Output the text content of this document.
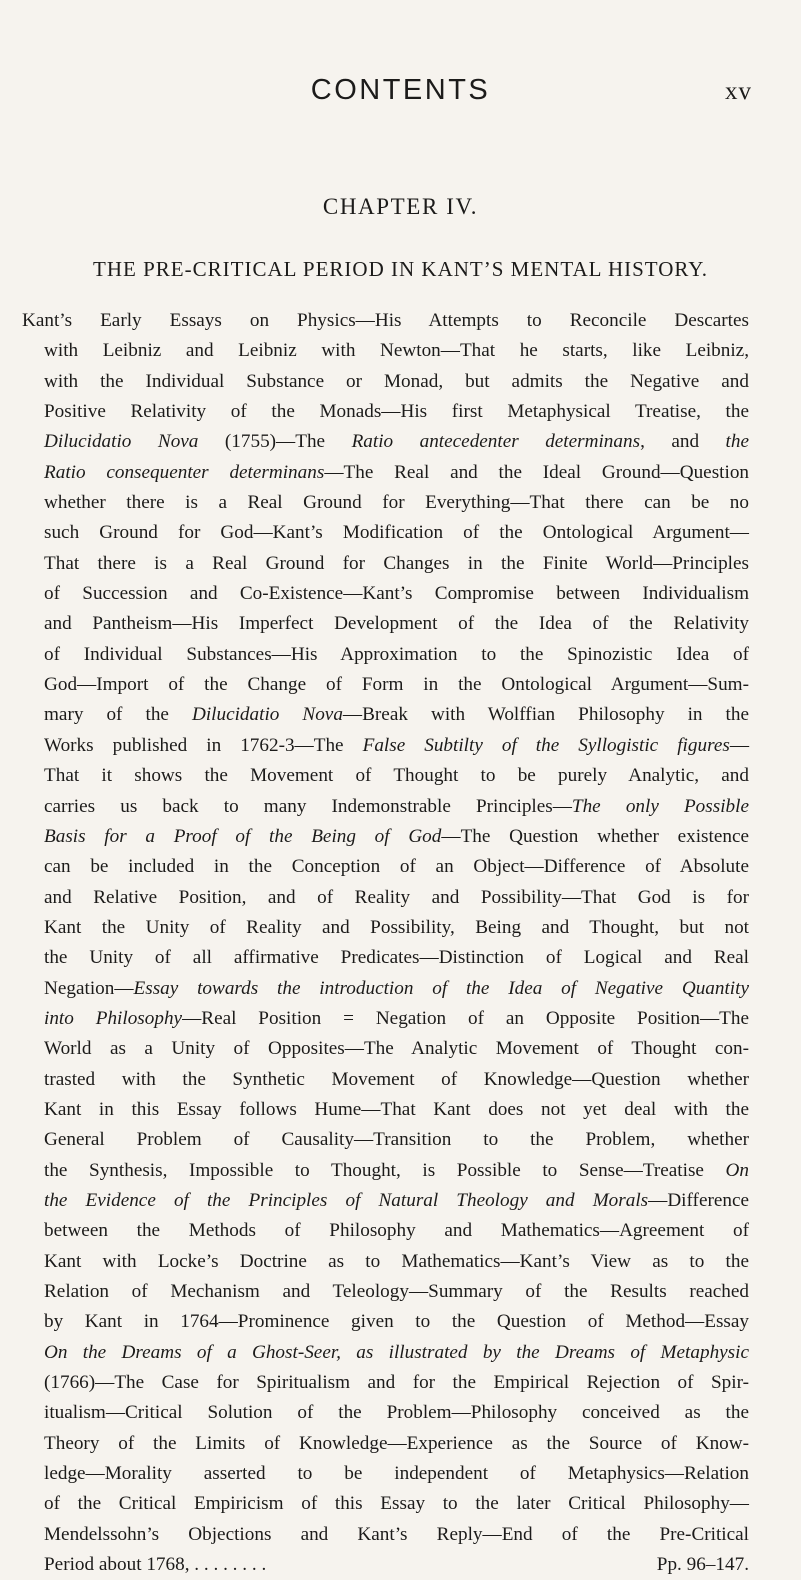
CONTENTS	xv
CHAPTER IV.
THE PRE-CRITICAL PERIOD IN KANT’S MENTAL HISTORY.
Kant’s Early Essays on Physics—His Attempts to Reconcile Descartes
with Leibniz and Leibniz with Newton—That he starts, like Leibniz,
with the Individual Substance or Monad, but admits the Negative and
Positive Relativity of the Monads—His first Metaphysical Treatise, the
Dilucidatio Nova (1755)—The Ratio antecedenter determinans, and the
Ratio consequenter determinans—The Real and the Ideal Ground—Question
whether there is a Real Ground for Everything—That there can be no
such Ground for God—Kant’s Modification of the Ontological Argument—
That there is a Real Ground for Changes in the Finite World—Principles
of Succession and Co-Existence—Kant’s Compromise between Individualism
and Pantheism—His Imperfect Development of the Idea of the Relativity
of Individual Substances—His Approximation to the Spinozistic Idea of
God—Import of the Change of Form in the Ontological Argument—Sum-
mary of the Dilucidatio Nova—Break with Wolffian Philosophy in the
Works published in 1762-3—The False Subtilty of the Syllogistic figures—
That it shows the Movement of Thought to be purely Analytic, and
carries us back to many Indemonstrable Principles—The only Possible
Basis for a Proof of the Being of God—The Question whether existence
can be included in the Conception of an Object—Difference of Absolute
and Relative Position, and of Reality and Possibility—That God is for
Kant the Unity of Reality and Possibility, Being and Thought, but not
the Unity of all affirmative Predicates—Distinction of Logical and Real
Negation—Essay towards the introduction of the Idea of Negative Quantity
into Philosophy—Real Position = Negation of an Opposite Position—The
World as a Unity of Opposites—The Analytic Movement of Thought con-
trasted with the Synthetic Movement of Knowledge—Question whether
Kant in this Essay follows Hume—That Kant does not yet deal with the
General Problem of Causality—Transition to the Problem, whether
the Synthesis, Impossible to Thought, is Possible to Sense—Treatise On
the Evidence of the Principles of Natural Theology and Morals—Difference
between the Methods of Philosophy and Mathematics—Agreement of
Kant with Locke’s Doctrine as to Mathematics—Kant’s View as to the
Relation of Mechanism and Teleology—Summary of the Results reached
by Kant in 1764—Prominence given to the Question of Method—Essay
On the Dreams of a Ghost-Seer, as illustrated by the Dreams of Metaphysic
(1766)—The Case for Spiritualism and for the Empirical Rejection of Spir-
itualism—Critical Solution of the Problem—Philosophy conceived as the
Theory of the Limits of Knowledge—Experience as the Source of Know-
ledge—Morality asserted to be independent of Metaphysics—Relation
of the Critical Empiricism of this Essay to the later Critical Philosophy—
Mendelssohn’s Objections and Kant’s Reply—End of the Pre-Critical
Period about 1768, . . . . . . . .	Pp. 96–147.
